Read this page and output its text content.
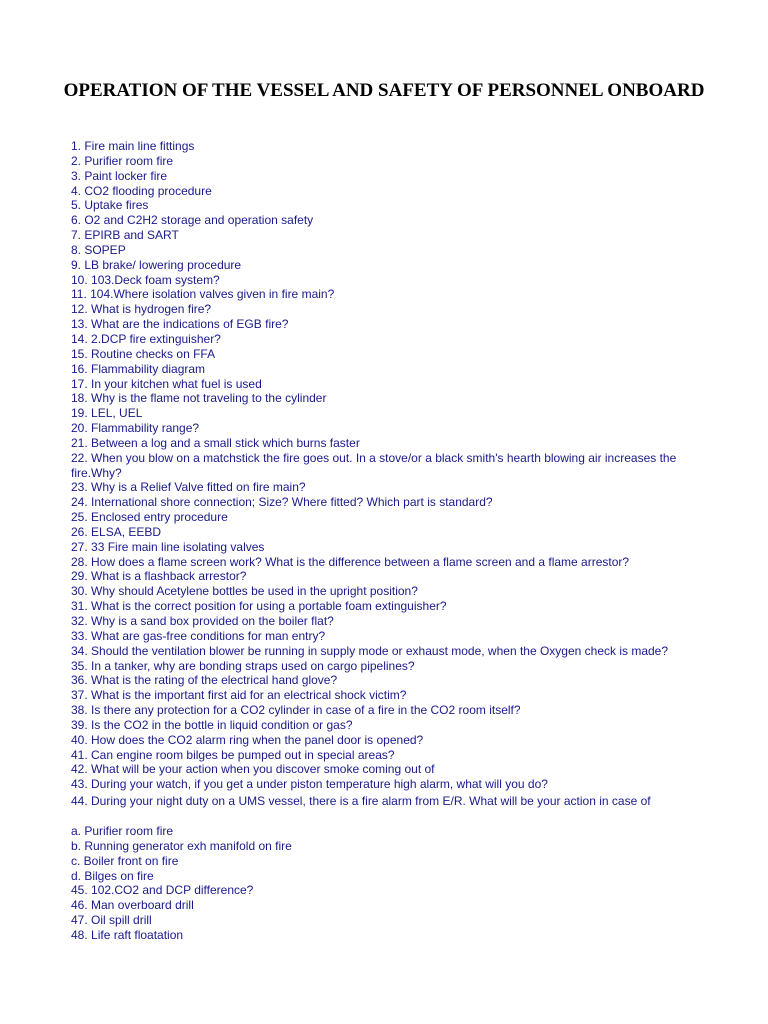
OPERATION OF THE VESSEL AND SAFETY OF PERSONNEL ONBOARD
1. Fire main line fittings
2. Purifier room fire
3. Paint locker fire
4. CO2 flooding procedure
5. Uptake fires
6. O2 and C2H2 storage and operation safety
7. EPIRB and SART
8. SOPEP
9. LB brake/ lowering procedure
10. 103.Deck foam system?
11. 104.Where isolation valves given in fire main?
12. What is hydrogen fire?
13. What are the indications of EGB fire?
14. 2.DCP fire extinguisher?
15. Routine checks on FFA
16. Flammability diagram
17. In your kitchen what fuel is used
18. Why is the flame not traveling to the cylinder
19. LEL, UEL
20. Flammability range?
21. Between a log and a small stick which burns faster
22. When you blow on a matchstick the fire goes out. In a stove/or a black smith's hearth blowing air increases the fire.Why?
23. Why is a Relief Valve fitted on fire main?
24. International shore connection; Size? Where fitted? Which part is standard?
25. Enclosed entry procedure
26. ELSA, EEBD
27. 33 Fire main line isolating valves
28. How does a flame screen work? What is the difference between a flame screen and a flame arrestor?
29. What is a flashback arrestor?
30. Why should Acetylene bottles be used in the upright position?
31. What is the correct position for using a portable foam extinguisher?
32. Why is a sand box provided on the boiler flat?
33. What are gas-free conditions for man entry?
34. Should the ventilation blower be running in supply mode or exhaust mode, when the Oxygen check is made?
35. In a tanker, why are bonding straps used on cargo pipelines?
36. What is the rating of the electrical hand glove?
37. What is the important first aid for an electrical shock victim?
38. Is there any protection for a CO2 cylinder in case of a fire in the CO2 room itself?
39. Is the CO2 in the bottle in liquid condition or gas?
40. How does the CO2 alarm ring when the panel door is opened?
41. Can engine room bilges be pumped out in special areas?
42. What will be your action when you discover smoke coming out of
43. During your watch, if you get a under piston temperature high alarm, what will you do?
44. During your night duty on a UMS vessel, there is a fire alarm from E/R. What will be your action in case of
a. Purifier room fire
b. Running generator exh manifold on fire
c. Boiler front on fire
d. Bilges on fire
45. 102.CO2 and DCP difference?
46. Man overboard drill
47. Oil spill drill
48. Life raft floatation
